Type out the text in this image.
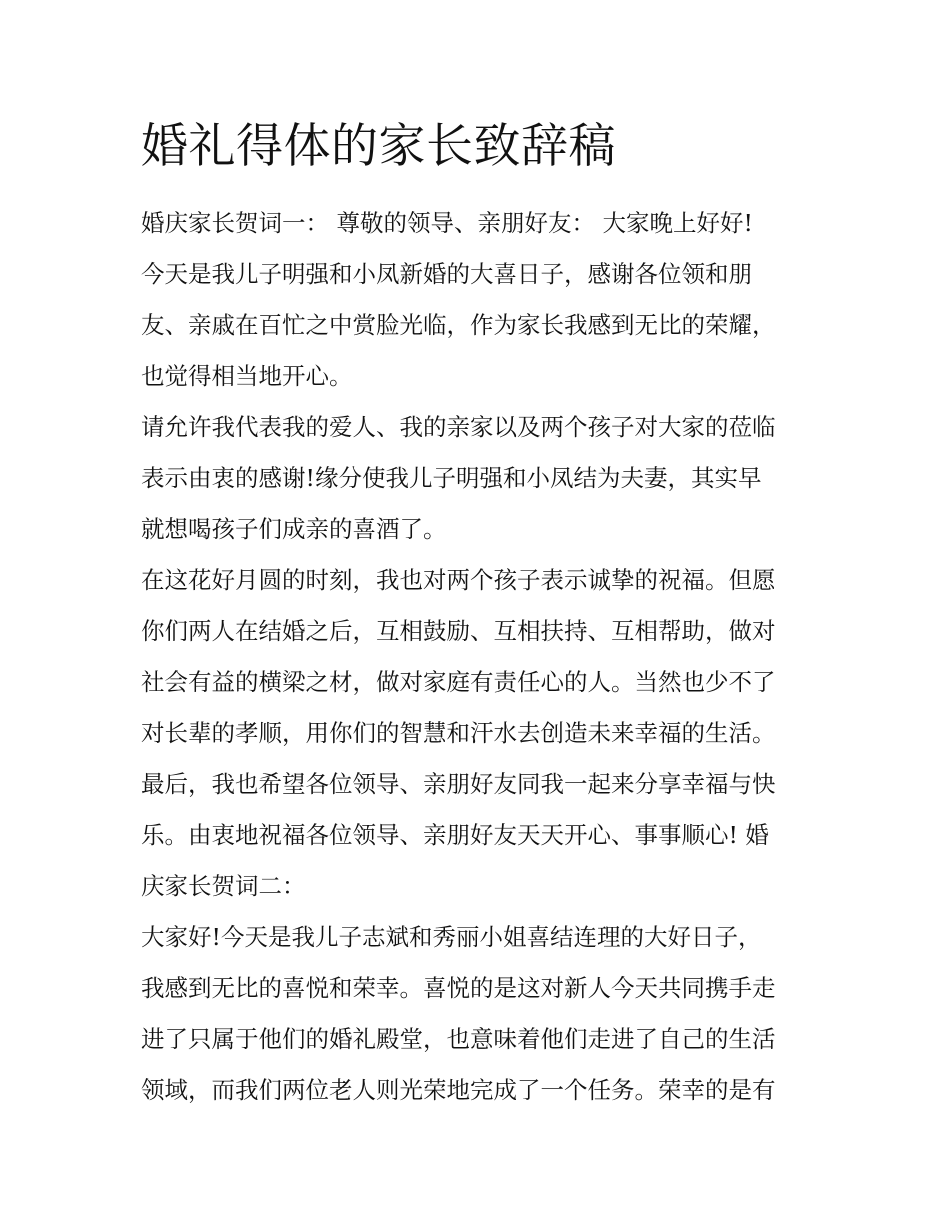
婚礼得体的家长致辞稿

婚庆家长贺词一： 尊敬的领导、亲朋好友： 大家晚上好好!

今天是我儿子明强和小凤新婚的大喜日子，感谢各位领和朋

友、亲戚在百忙之中赏脸光临，作为家长我感到无比的荣耀，

也觉得相当地开心。

请允许我代表我的爱人、我的亲家以及两个孩子对大家的莅临

表示由衷的感谢!缘分使我儿子明强和小凤结为夫妻，其实早

就想喝孩子们成亲的喜酒了。

在这花好月圆的时刻，我也对两个孩子表示诚挚的祝福。但愿

你们两人在结婚之后，互相鼓励、互相扶持、互相帮助，做对

社会有益的横梁之材，做对家庭有责任心的人。当然也少不了

对长辈的孝顺，用你们的智慧和汗水去创造未来幸福的生活。

最后，我也希望各位领导、亲朋好友同我一起来分享幸福与快

乐。由衷地祝福各位领导、亲朋好友天天开心、事事顺心! 婚

庆家长贺词二：

大家好!今天是我儿子志斌和秀丽小姐喜结连理的大好日子，

我感到无比的喜悦和荣幸。喜悦的是这对新人今天共同携手走

进了只属于他们的婚礼殿堂，也意味着他们走进了自己的生活

领域，而我们两位老人则光荣地完成了一个任务。荣幸的是有
